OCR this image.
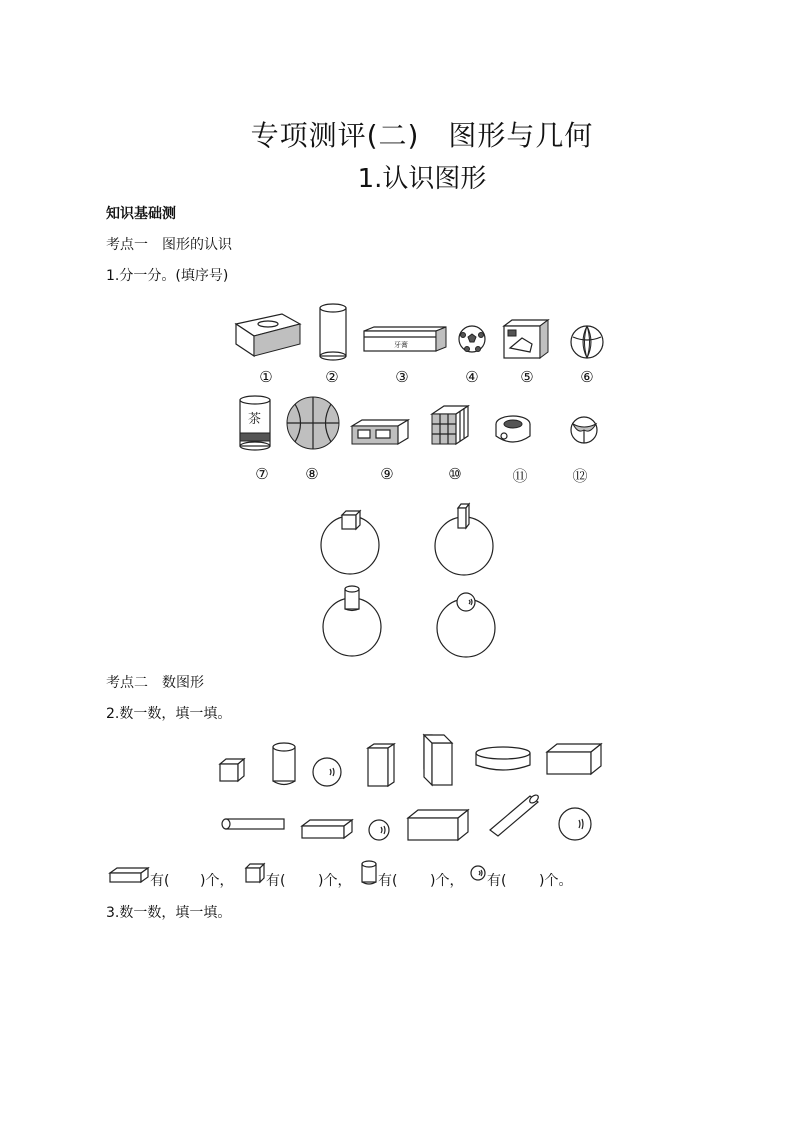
专项测评(二)　图形与几何
1.认识图形
知识基础测
考点一　图形的认识
1.分一分。(填序号)
牙膏
①	②	③	④	⑤	⑥
茶
⑦	⑧	⑨	⑩	⑪	⑫
考点二　数图形
2.数一数，填一填。
有( )个， 有( )个， 有( )个， 有( )个。
3.数一数，填一填。
